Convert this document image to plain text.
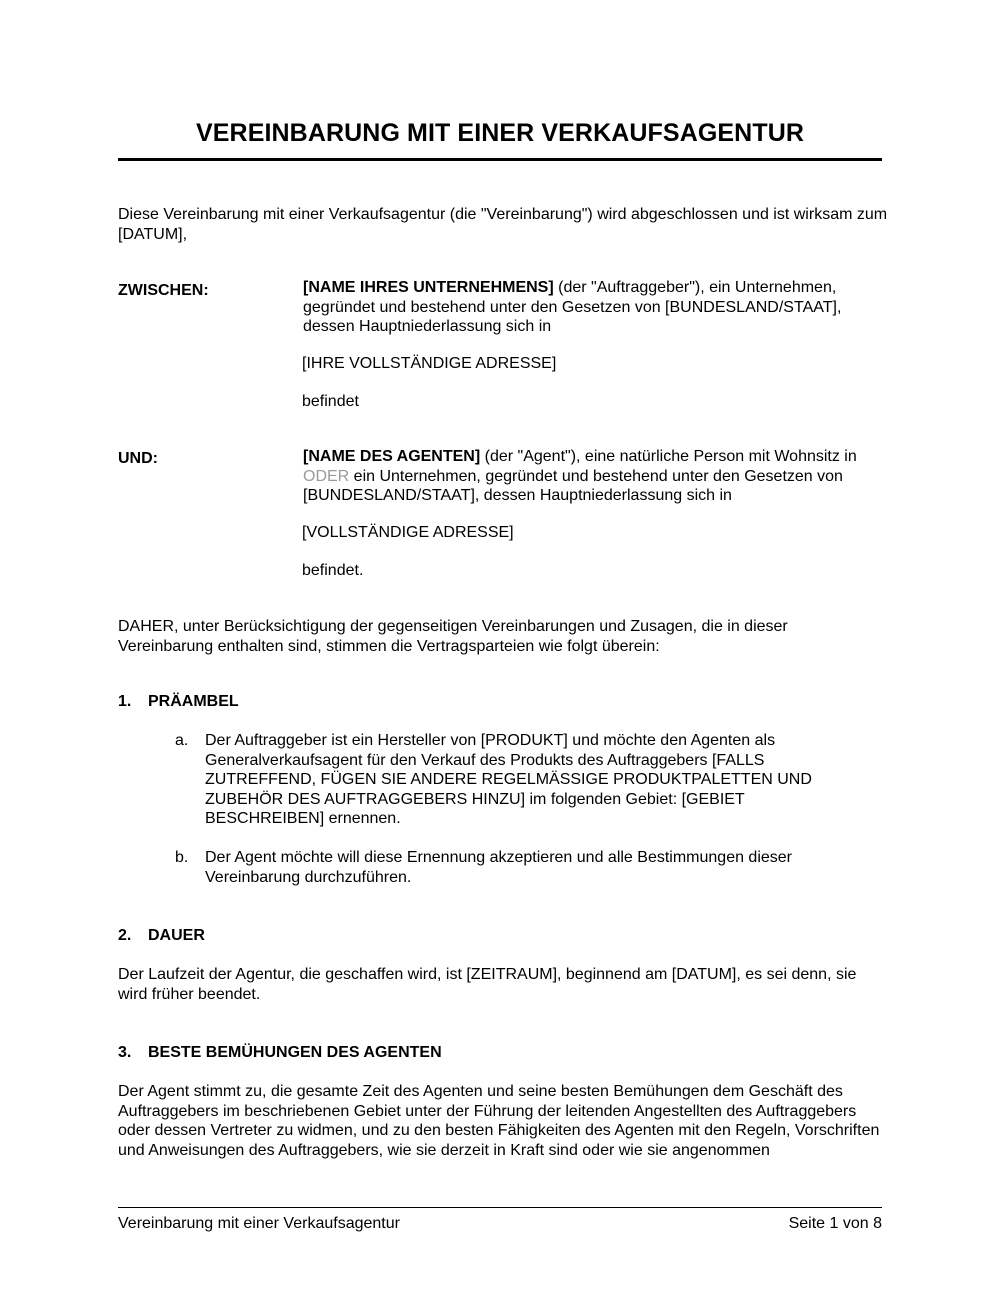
VEREINBARUNG MIT EINER VERKAUFSAGENTUR
Diese Vereinbarung mit einer Verkaufsagentur (die "Vereinbarung") wird abgeschlossen und ist wirksam zum [DATUM],
ZWISCHEN:	[NAME IHRES UNTERNEHMENS] (der "Auftraggeber"), ein Unternehmen, gegründet und bestehend unter den Gesetzen von [BUNDESLAND/STAAT], dessen Hauptniederlassung sich in
[IHRE VOLLSTÄNDIGE ADRESSE]
befindet
UND:	[NAME DES AGENTEN] (der "Agent"), eine natürliche Person mit Wohnsitz in ODER ein Unternehmen, gegründet und bestehend unter den Gesetzen von [BUNDESLAND/STAAT], dessen Hauptniederlassung sich in
[VOLLSTÄNDIGE ADRESSE]
befindet.
DAHER, unter Berücksichtigung der gegenseitigen Vereinbarungen und Zusagen, die in dieser Vereinbarung enthalten sind, stimmen die Vertragsparteien wie folgt überein:
1. PRÄAMBEL
a. Der Auftraggeber ist ein Hersteller von [PRODUKT] und möchte den Agenten als Generalverkaufsagent für den Verkauf des Produkts des Auftraggebers [FALLS ZUTREFFEND, FÜGEN SIE ANDERE REGELMÄSSIGE PRODUKTPALETTEN UND ZUBEHÖR DES AUFTRAGGEBERS HINZU] im folgenden Gebiet: [GEBIET BESCHREIBEN] ernennen.
b. Der Agent möchte will diese Ernennung akzeptieren und alle Bestimmungen dieser Vereinbarung durchzuführen.
2. DAUER
Der Laufzeit der Agentur, die geschaffen wird, ist [ZEITRAUM], beginnend am [DATUM], es sei denn, sie wird früher beendet.
3. BESTE BEMÜHUNGEN DES AGENTEN
Der Agent stimmt zu, die gesamte Zeit des Agenten und seine besten Bemühungen dem Geschäft des Auftraggebers im beschriebenen Gebiet unter der Führung der leitenden Angestellten des Auftraggebers oder dessen Vertreter zu widmen, und zu den besten Fähigkeiten des Agenten mit den Regeln, Vorschriften und Anweisungen des Auftraggebers, wie sie derzeit in Kraft sind oder wie sie angenommen
Vereinbarung mit einer Verkaufsagentur	Seite 1 von 8
